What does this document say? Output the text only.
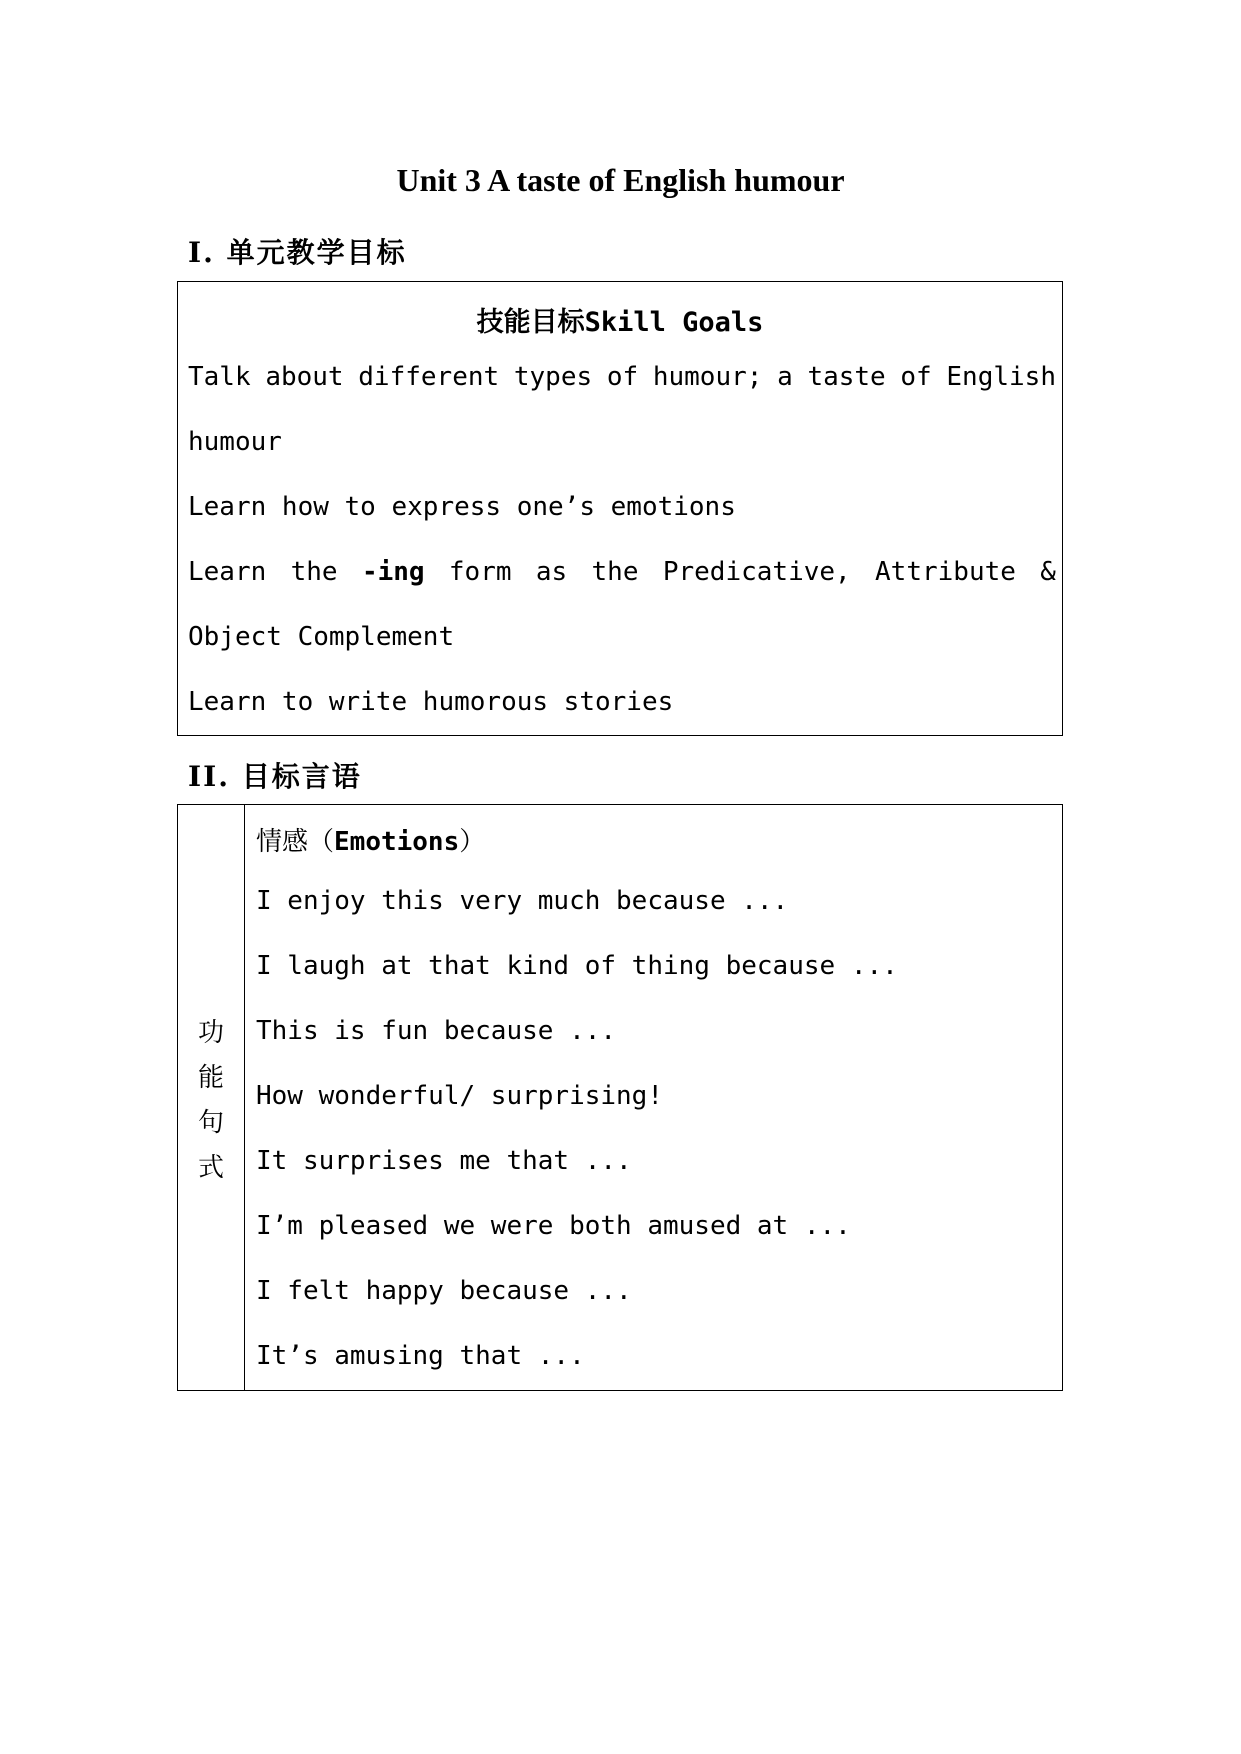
Unit 3 A taste of English humour
I. 单元教学目标
技能目标Skill Goals
Talk about different types of humour; a taste of English
humour
Learn how to express one’s emotions
Learn the -ing form as the Predicative, Attribute &
Object Complement
Learn to write humorous stories
II. 目标言语
功
能
句
式
情感（Emotions）
I enjoy this very much because ...
I laugh at that kind of thing because ...
This is fun because ...
How wonderful/ surprising!
It surprises me that ...
I’m pleased we were both amused at ...
I felt happy because ...
It’s amusing that ...
